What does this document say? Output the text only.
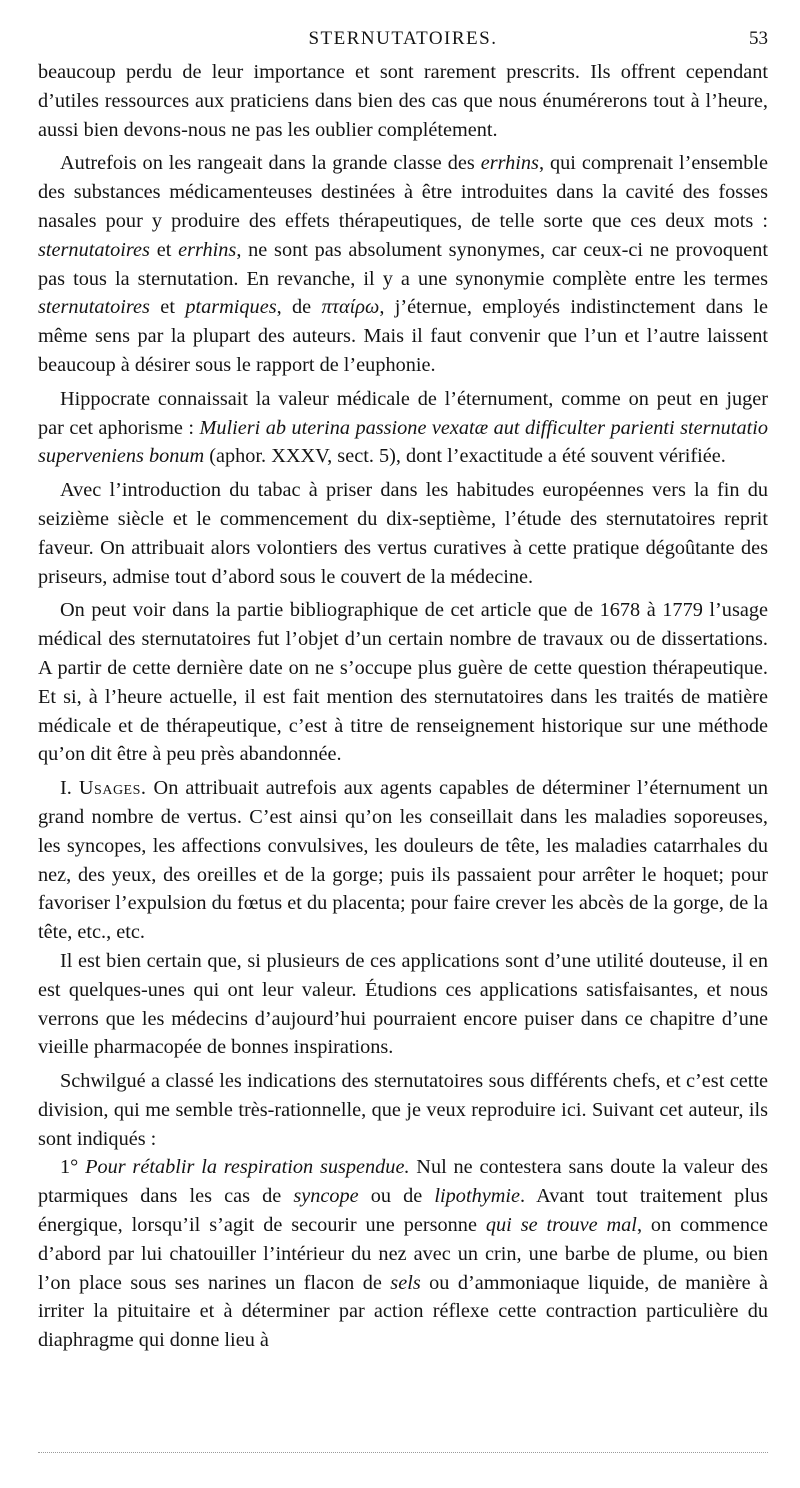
STERNUTATOIRES.	53

beaucoup perdu de leur importance et sont rarement prescrits. Ils offrent cependant d’utiles ressources aux praticiens dans bien des cas que nous énumérerons tout à l’heure, aussi bien devons-nous ne pas les oublier complétement.

Autrefois on les rangeait dans la grande classe des errhins, qui comprenait l’ensemble des substances médicamenteuses destinées à être introduites dans la cavité des fosses nasales pour y produire des effets thérapeutiques, de telle sorte que ces deux mots : sternutatoires et errhins, ne sont pas absolument synonymes, car ceux-ci ne provoquent pas tous la sternutation. En revanche, il y a une synonymie complète entre les termes sternutatoires et ptarmiques, de πταίρω, j’éternue, employés indistinctement dans le même sens par la plupart des auteurs. Mais il faut convenir que l’un et l’autre laissent beaucoup à désirer sous le rapport de l’euphonie.

Hippocrate connaissait la valeur médicale de l’éternument, comme on peut en juger par cet aphorisme : Mulieri ab uterina passione vexatæ aut difficulter parienti sternutatio superveniens bonum (aphor. XXXV, sect. 5), dont l’exactitude a été souvent vérifiée.

Avec l’introduction du tabac à priser dans les habitudes européennes vers la fin du seizième siècle et le commencement du dix-septième, l’étude des sternutatoires reprit faveur. On attribuait alors volontiers des vertus curatives à cette pratique dégoûtante des priseurs, admise tout d’abord sous le couvert de la médecine.

On peut voir dans la partie bibliographique de cet article que de 1678 à 1779 l’usage médical des sternutatoires fut l’objet d’un certain nombre de travaux ou de dissertations. A partir de cette dernière date on ne s’occupe plus guère de cette question thérapeutique. Et si, à l’heure actuelle, il est fait mention des sternutatoires dans les traités de matière médicale et de thérapeutique, c’est à titre de renseignement historique sur une méthode qu’on dit être à peu près abandonnée.

I. Usages. On attribuait autrefois aux agents capables de déterminer l’éternument un grand nombre de vertus. C’est ainsi qu’on les conseillait dans les maladies soporeuses, les syncopes, les affections convulsives, les douleurs de tête, les maladies catarrhales du nez, des yeux, des oreilles et de la gorge; puis ils passaient pour arrêter le hoquet; pour favoriser l’expulsion du fœtus et du placenta; pour faire crever les abcès de la gorge, de la tête, etc., etc.

Il est bien certain que, si plusieurs de ces applications sont d’une utilité douteuse, il en est quelques-unes qui ont leur valeur. Étudions ces applications satisfaisantes, et nous verrons que les médecins d’aujourd’hui pourraient encore puiser dans ce chapitre d’une vieille pharmacopée de bonnes inspirations.

Schwilgué a classé les indications des sternutatoires sous différents chefs, et c’est cette division, qui me semble très-rationnelle, que je veux reproduire ici. Suivant cet auteur, ils sont indiqués :

1° Pour rétablir la respiration suspendue. Nul ne contestera sans doute la valeur des ptarmiques dans les cas de syncope ou de lipothymie. Avant tout traitement plus énergique, lorsqu’il s’agit de secourir une personne qui se trouve mal, on commence d’abord par lui chatouiller l’intérieur du nez avec un crin, une barbe de plume, ou bien l’on place sous ses narines un flacon de sels ou d’ammoniaque liquide, de manière à irriter la pituitaire et à déterminer par action réflexe cette contraction particulière du diaphragme qui donne lieu à
